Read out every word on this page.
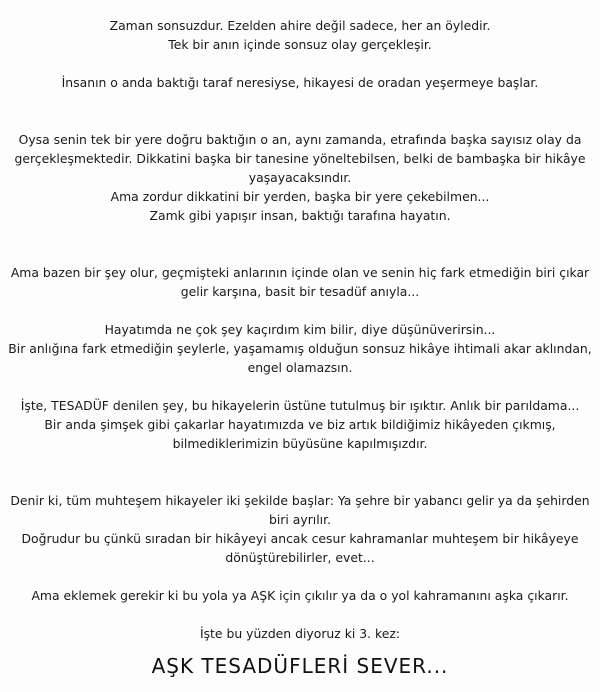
Zaman sonsuzdur. Ezelden ahire değil sadece, her an öyledir.
Tek bir anın içinde sonsuz olay gerçekleşir.
İnsanın o anda baktığı taraf neresiyse, hikayesi de oradan yeşermeye başlar.
Oysa senin tek bir yere doğru baktığın o an, aynı zamanda, etrafında başka sayısız olay da
gerçekleşmektedir. Dikkatini başka bir tanesine yöneltebilsen, belki de bambaşka bir hikâye
yaşayacaksındır.
Ama zordur dikkatini bir yerden, başka bir yere çekebilmen...
Zamk gibi yapışır insan, baktığı tarafına hayatın.
Ama bazen bir şey olur, geçmişteki anlarının içinde olan ve senin hiç fark etmediğin biri çıkar
gelir karşına, basit bir tesadüf anıyla...
Hayatımda ne çok şey kaçırdım kim bilir, diye düşünüverirsin...
Bir anlığına fark etmediğin şeylerle, yaşamamış olduğun sonsuz hikâye ihtimali akar aklından,
engel olamazsın.
İşte, TESADÜF denilen şey, bu hikayelerin üstüne tutulmuş bir ışıktır. Anlık bir parıldama...
Bir anda şimşek gibi çakarlar hayatımızda ve biz artık bildiğimiz hikâyeden çıkmış,
bilmediklerimizin büyüsüne kapılmışızdır.
Denir ki, tüm muhteşem hikayeler iki şekilde başlar: Ya şehre bir yabancı gelir ya da şehirden
biri ayrılır.
Doğrudur bu çünkü sıradan bir hikâyeyi ancak cesur kahramanlar muhteşem bir hikâyeye
dönüştürebilirler, evet...
Ama eklemek gerekir ki bu yola ya AŞK için çıkılır ya da o yol kahramanını aşka çıkarır.
İşte bu yüzden diyoruz ki 3. kez:
AŞK TESADÜFLERİ SEVER...
